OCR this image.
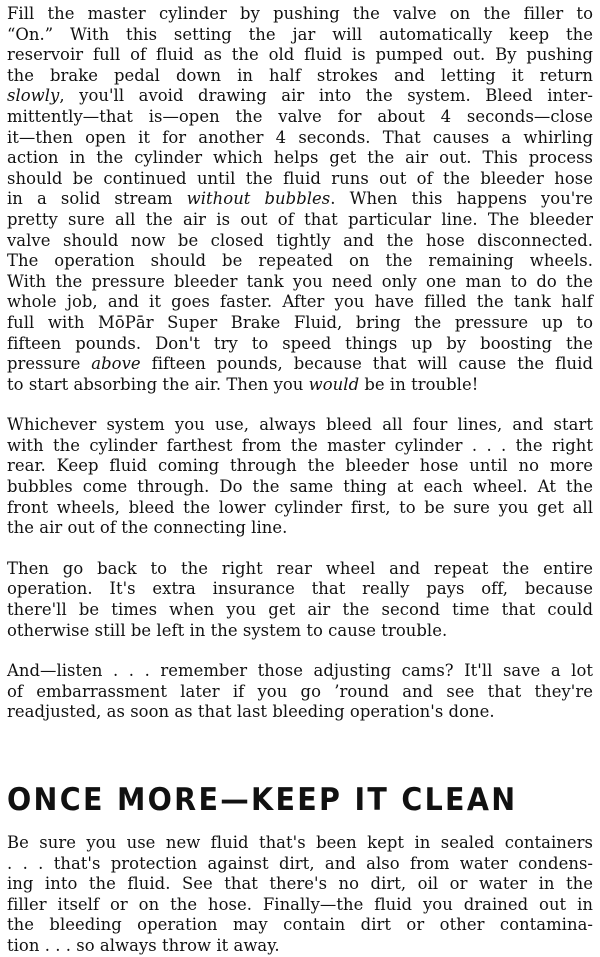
Fill the master cylinder by pushing the valve on the filler to
“On.” With this setting the jar will automatically keep the
reservoir full of fluid as the old fluid is pumped out. By pushing
the brake pedal down in half strokes and letting it return
slowly, you'll avoid drawing air into the system. Bleed inter-
mittently—that is—open the valve for about 4 seconds—close
it—then open it for another 4 seconds. That causes a whirling
action in the cylinder which helps get the air out. This process
should be continued until the fluid runs out of the bleeder hose
in a solid stream without bubbles. When this happens you're
pretty sure all the air is out of that particular line. The bleeder
valve should now be closed tightly and the hose disconnected.
The operation should be repeated on the remaining wheels.
With the pressure bleeder tank you need only one man to do the
whole job, and it goes faster. After you have filled the tank half
full with MōPār Super Brake Fluid, bring the pressure up to
fifteen pounds. Don't try to speed things up by boosting the
pressure above fifteen pounds, because that will cause the fluid
to start absorbing the air. Then you would be in trouble!
Whichever system you use, always bleed all four lines, and start
with the cylinder farthest from the master cylinder . . . the right
rear. Keep fluid coming through the bleeder hose until no more
bubbles come through. Do the same thing at each wheel. At the
front wheels, bleed the lower cylinder first, to be sure you get all
the air out of the connecting line.
Then go back to the right rear wheel and repeat the entire
operation. It's extra insurance that really pays off, because
there'll be times when you get air the second time that could
otherwise still be left in the system to cause trouble.
And—listen . . . remember those adjusting cams? It'll save a lot
of embarrassment later if you go ’round and see that they're
readjusted, as soon as that last bleeding operation's done.
ONCE MORE—KEEP IT CLEAN
Be sure you use new fluid that's been kept in sealed containers
. . . that's protection against dirt, and also from water condens-
ing into the fluid. See that there's no dirt, oil or water in the
filler itself or on the hose. Finally—the fluid you drained out in
the bleeding operation may contain dirt or other contamina-
tion . . . so always throw it away.
